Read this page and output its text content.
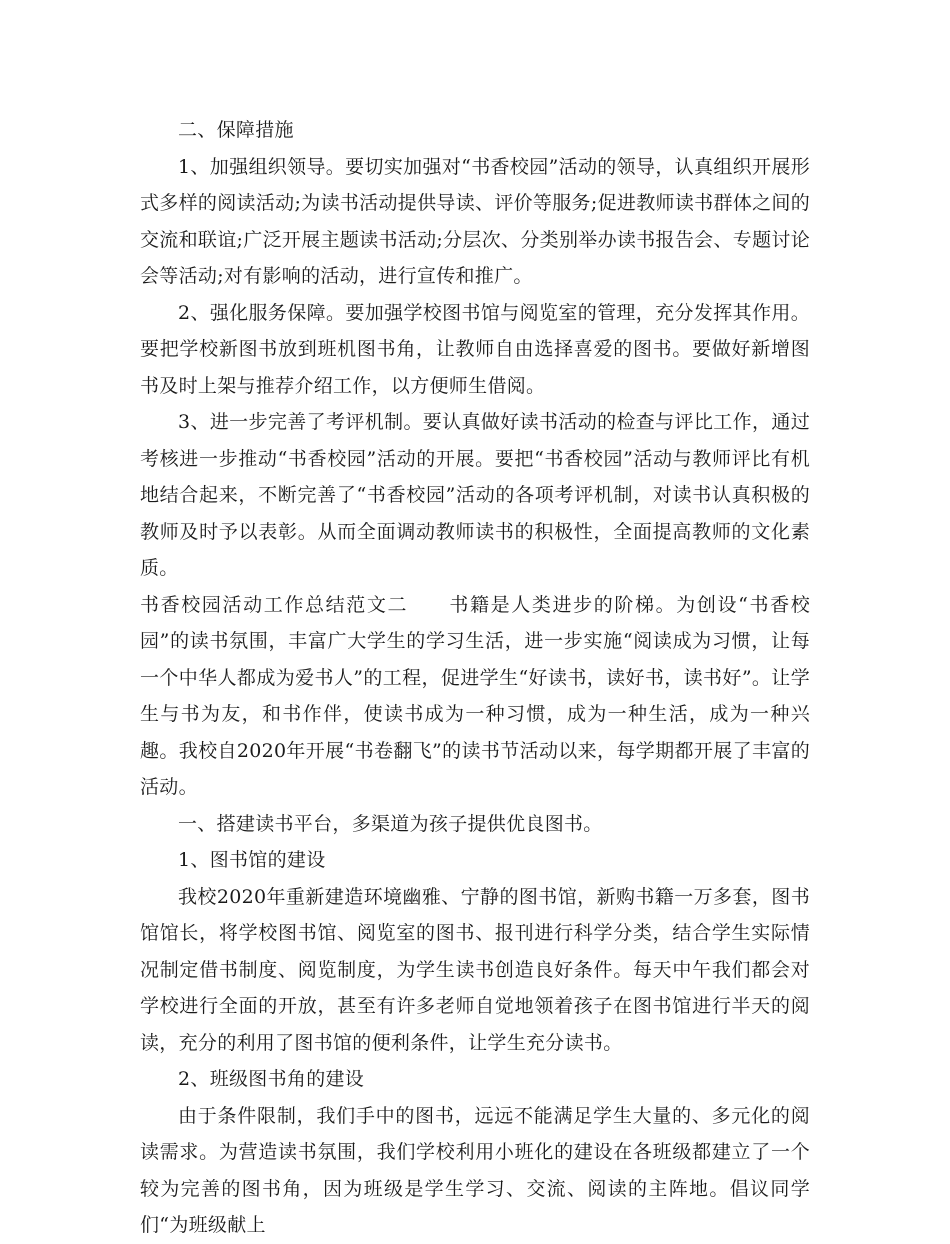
二、保障措施

1、加强组织领导。要切实加强对“书香校园”活动的领导，认真组织开展形式多样的阅读活动;为读书活动提供导读、评价等服务;促进教师读书群体之间的交流和联谊;广泛开展主题读书活动;分层次、分类别举办读书报告会、专题讨论会等活动;对有影响的活动，进行宣传和推广。

2、强化服务保障。要加强学校图书馆与阅览室的管理，充分发挥其作用。要把学校新图书放到班机图书角，让教师自由选择喜爱的图书。要做好新增图书及时上架与推荐介绍工作，以方便师生借阅。

3、进一步完善了考评机制。要认真做好读书活动的检查与评比工作，通过考核进一步推动“书香校园”活动的开展。要把“书香校园”活动与教师评比有机地结合起来，不断完善了“书香校园”活动的各项考评机制，对读书认真积极的教师及时予以表彰。从而全面调动教师读书的积极性，全面提高教师的文化素质。

书香校园活动工作总结范文二　　书籍是人类进步的阶梯。为创设“书香校园”的读书氛围，丰富广大学生的学习生活，进一步实施“阅读成为习惯，让每一个中华人都成为爱书人”的工程，促进学生“好读书，读好书，读书好”。让学生与书为友，和书作伴，使读书成为一种习惯，成为一种生活，成为一种兴趣。我校自2020年开展“书卷翻飞”的读书节活动以来，每学期都开展了丰富的活动。

一、搭建读书平台，多渠道为孩子提供优良图书。

1、图书馆的建设

我校2020年重新建造环境幽雅、宁静的图书馆，新购书籍一万多套，图书馆馆长，将学校图书馆、阅览室的图书、报刊进行科学分类，结合学生实际情况制定借书制度、阅览制度，为学生读书创造良好条件。每天中午我们都会对学校进行全面的开放，甚至有许多老师自觉地领着孩子在图书馆进行半天的阅读，充分的利用了图书馆的便利条件，让学生充分读书。

2、班级图书角的建设

由于条件限制，我们手中的图书，远远不能满足学生大量的、多元化的阅读需求。为营造读书氛围，我们学校利用小班化的建设在各班级都建立了一个较为完善的图书角，因为班级是学生学习、交流、阅读的主阵地。倡议同学们“为班级献上
